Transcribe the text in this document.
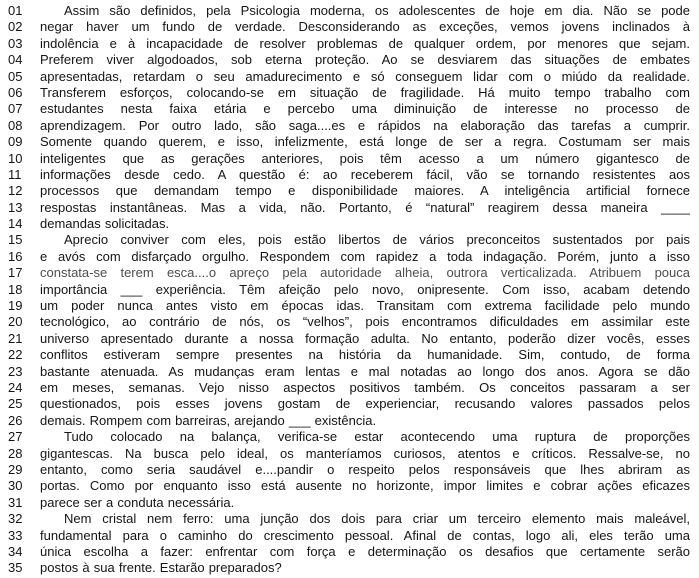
01	Assim são definidos, pela Psicologia moderna, os adolescentes de hoje em dia. Não se pode
02	negar haver um fundo de verdade. Desconsiderando as exceções, vemos jovens inclinados à
03	indolência e à incapacidade de resolver problemas de qualquer ordem, por menores que sejam.
04	Preferem viver algodoados, sob eterna proteção. Ao se desviarem das situações de embates
05	apresentadas, retardam o seu amadurecimento e só conseguem lidar com o miúdo da realidade.
06	Transferem esforços, colocando-se em situação de fragilidade. Há muito tempo trabalho com
07	estudantes nesta faixa etária e percebo uma diminuição de interesse no processo de
08	aprendizagem. Por outro lado, são saga....es e rápidos na elaboração das tarefas a cumprir.
09	Somente quando querem, e isso, infelizmente, está longe de ser a regra. Costumam ser mais
10	inteligentes que as gerações anteriores, pois têm acesso a um número gigantesco de
11	informações desde cedo. A questão é: ao receberem fácil, vão se tornando resistentes aos
12	processos que demandam tempo e disponibilidade maiores. A inteligência artificial fornece
13	respostas instantâneas. Mas a vida, não. Portanto, é “natural” reagirem dessa maneira ____
14	demandas solicitadas.
15	Aprecio conviver com eles, pois estão libertos de vários preconceitos sustentados por pais
16	e avós com disfarçado orgulho. Respondem com rapidez a toda indagação. Porém, junto a isso
17	constata-se terem esca....o apreço pela autoridade alheia, outrora verticalizada. Atribuem pouca
18	importância ___ experiência. Têm afeição pelo novo, onipresente. Com isso, acabam detendo
19	um poder nunca antes visto em épocas idas. Transitam com extrema facilidade pelo mundo
20	tecnológico, ao contrário de nós, os “velhos”, pois encontramos dificuldades em assimilar este
21	universo apresentado durante a nossa formação adulta. No entanto, poderão dizer vocês, esses
22	conflitos estiveram sempre presentes na história da humanidade. Sim, contudo, de forma
23	bastante atenuada. As mudanças eram lentas e mal notadas ao longo dos anos. Agora se dão
24	em meses, semanas. Vejo nisso aspectos positivos também. Os conceitos passaram a ser
25	questionados, pois esses jovens gostam de experienciar, recusando valores passados pelos
26	demais. Rompem com barreiras, arejando ___ existência.
27	Tudo colocado na balança, verifica-se estar acontecendo uma ruptura de proporções
28	gigantescas. Na busca pelo ideal, os manteríamos curiosos, atentos e críticos. Ressalve-se, no
29	entanto, como seria saudável e....pandir o respeito pelos responsáveis que lhes abriram as
30	portas. Como por enquanto isso está ausente no horizonte, impor limites e cobrar ações eficazes
31	parece ser a conduta necessária.
32	Nem cristal nem ferro: uma junção dos dois para criar um terceiro elemento mais maleável,
33	fundamental para o caminho do crescimento pessoal. Afinal de contas, logo ali, eles terão uma
34	única escolha a fazer: enfrentar com força e determinação os desafios que certamente serão
35	postos à sua frente. Estarão preparados?
